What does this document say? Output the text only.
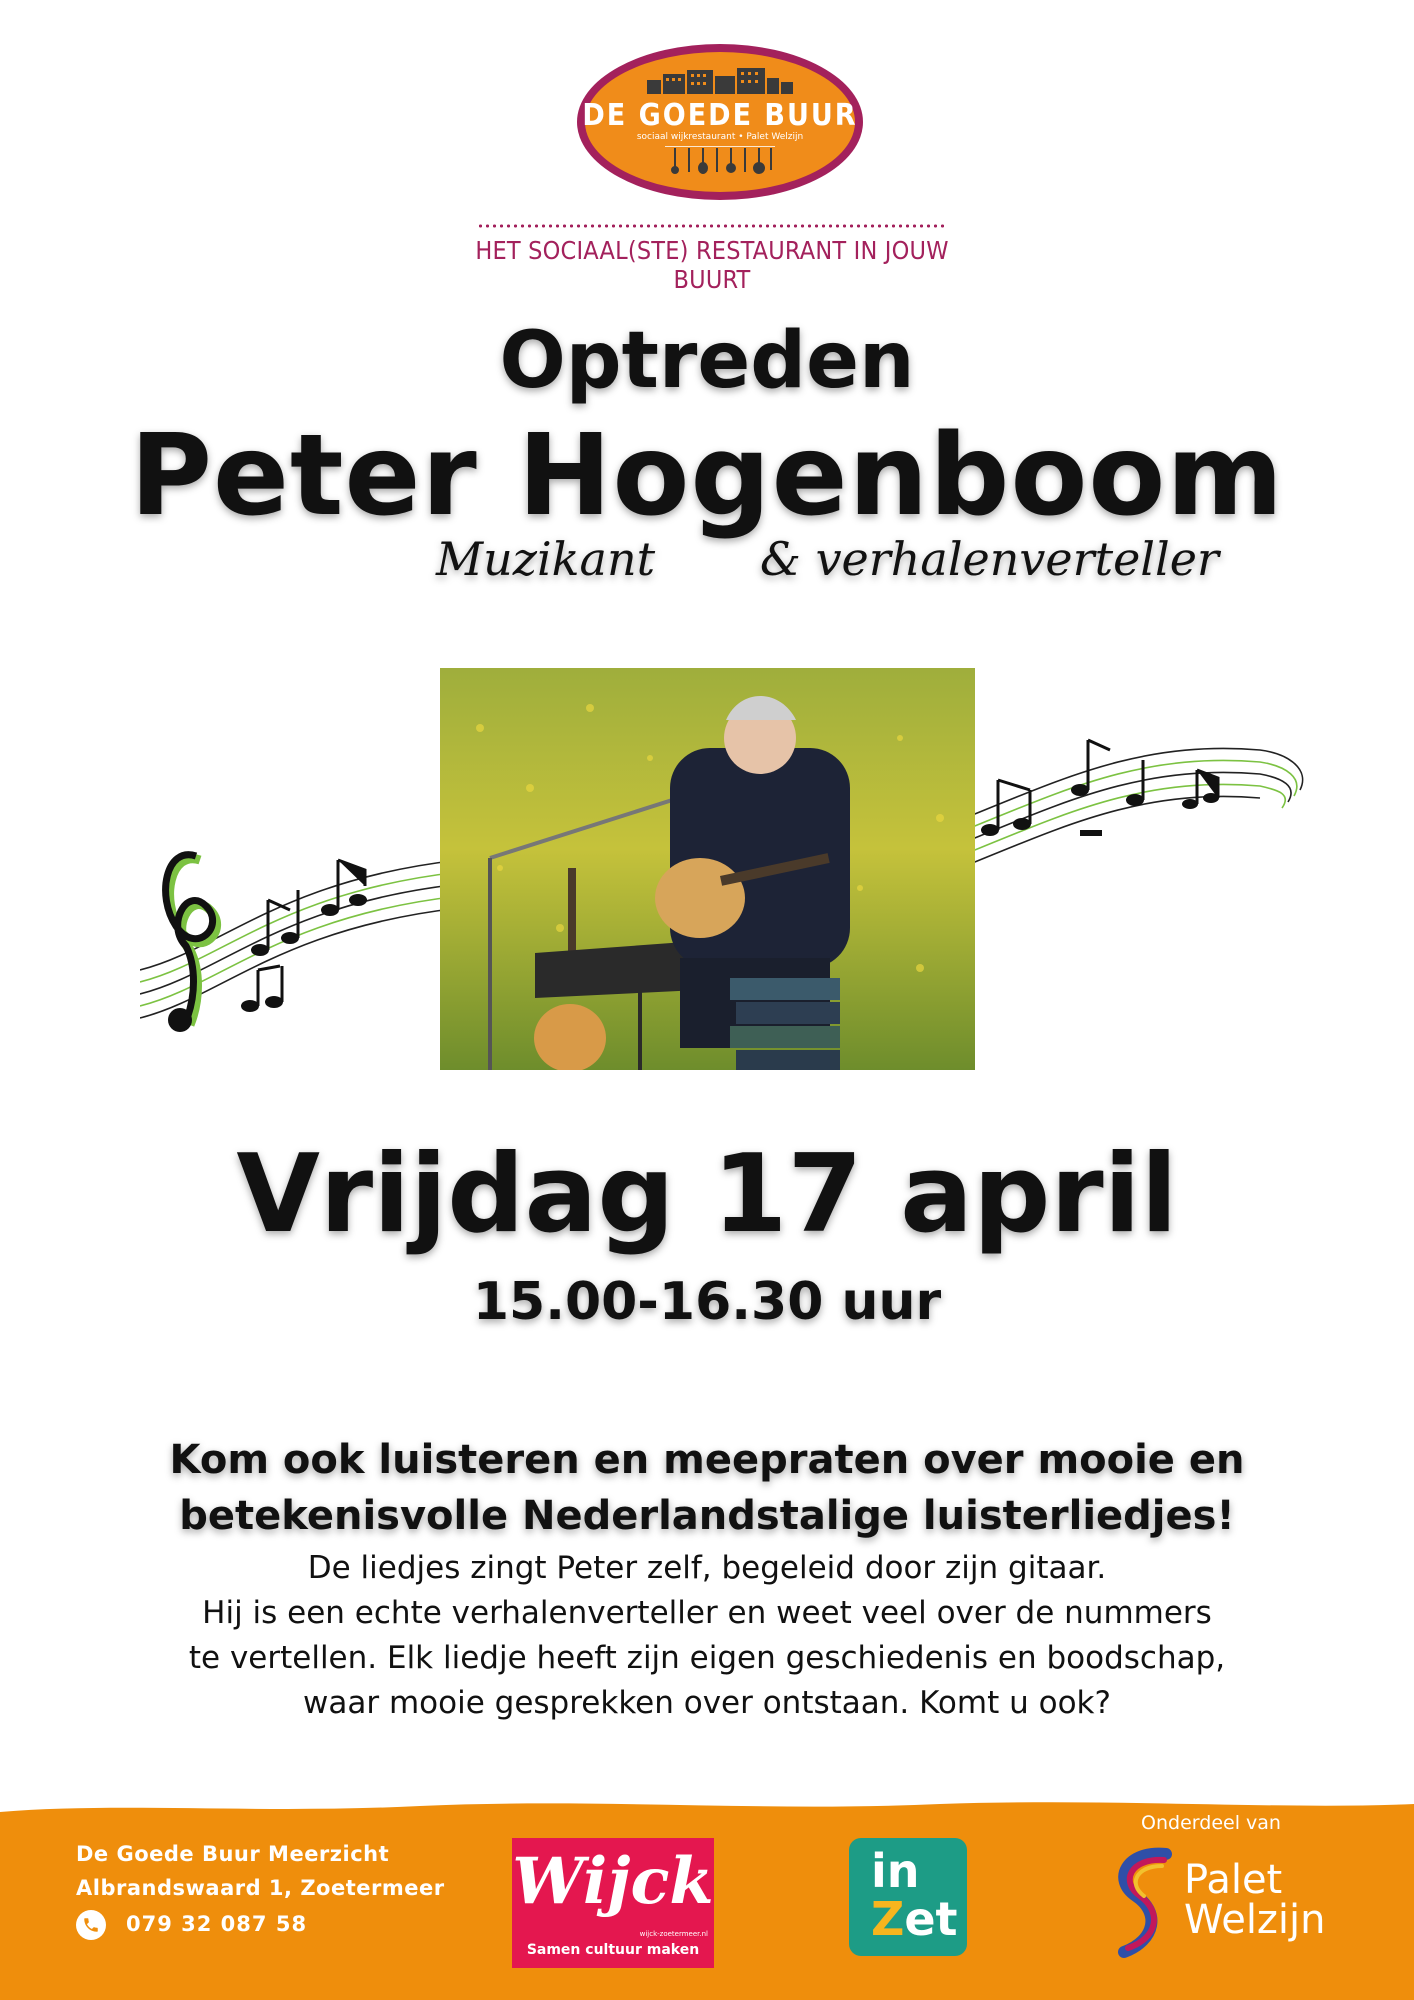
DE GOEDE BUUR
sociaal wijkrestaurant • Palet Welzijn
HET SOCIAAL(STE) RESTAURANT IN JOUW BUURT
Optreden
Peter Hogenboom
Muzikant & verhalenverteller
Vrijdag 17 april
15.00-16.30 uur
Kom ook luisteren en meepraten over mooie en betekenisvolle Nederlandstalige luisterliedjes!
De liedjes zingt Peter zelf, begeleid door zijn gitaar.
Hij is een echte verhalenverteller en weet veel over de nummers
te vertellen. Elk liedje heeft zijn eigen geschiedenis en boodschap,
waar mooie gesprekken over ontstaan. Komt u ook?
De Goede Buur Meerzicht
Albrandswaard 1, Zoetermeer
079 32 087 58
Wijck
wijck-zoetermeer.nl
Samen cultuur maken
in
Zet
Onderdeel van
Palet
Welzijn
